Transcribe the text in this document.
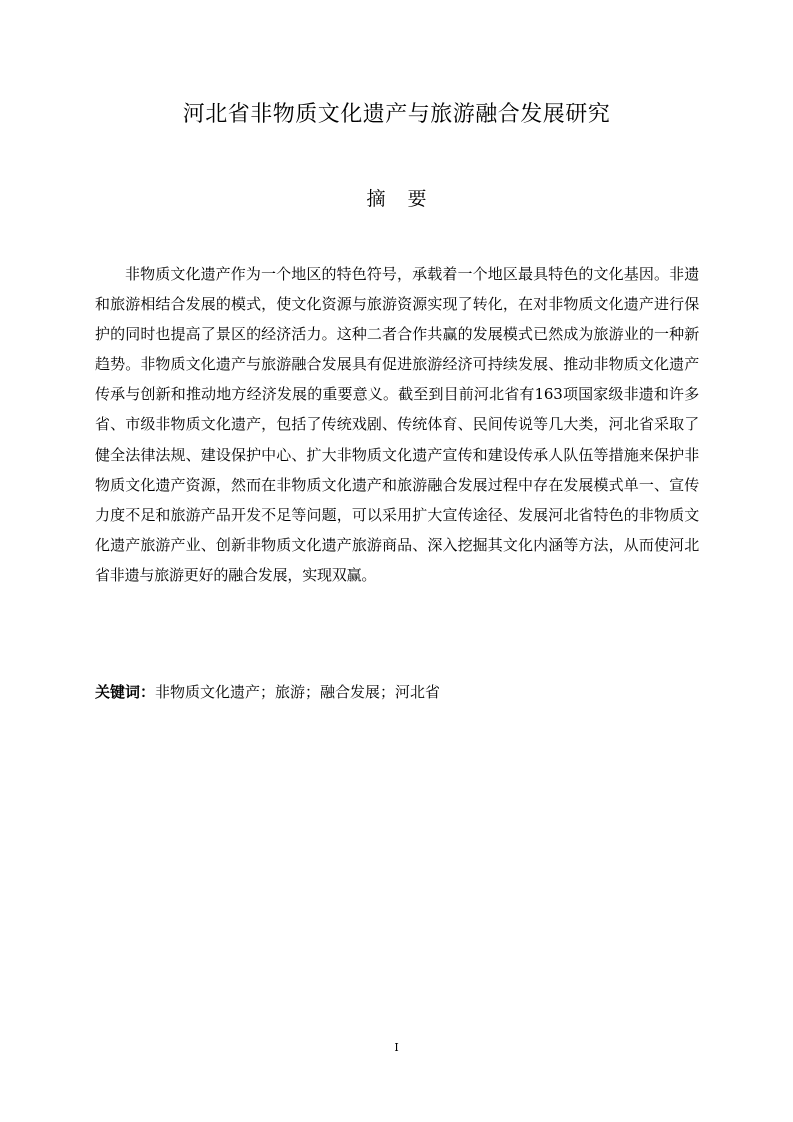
河北省非物质文化遗产与旅游融合发展研究
摘 要

非物质文化遗产作为一个地区的特色符号，承载着一个地区最具特色的文化基因。非遗和旅游相结合发展的模式，使文化资源与旅游资源实现了转化，在对非物质文化遗产进行保护的同时也提高了景区的经济活力。这种二者合作共赢的发展模式已然成为旅游业的一种新趋势。非物质文化遗产与旅游融合发展具有促进旅游经济可持续发展、推动非物质文化遗产传承与创新和推动地方经济发展的重要意义。截至到目前河北省有163项国家级非遗和许多省、市级非物质文化遗产，包括了传统戏剧、传统体育、民间传说等几大类，河北省采取了健全法律法规、建设保护中心、扩大非物质文化遗产宣传和建设传承人队伍等措施来保护非物质文化遗产资源，然而在非物质文化遗产和旅游融合发展过程中存在发展模式单一、宣传力度不足和旅游产品开发不足等问题，可以采用扩大宣传途径、发展河北省特色的非物质文化遗产旅游产业、创新非物质文化遗产旅游商品、深入挖掘其文化内涵等方法，从而使河北省非遗与旅游更好的融合发展，实现双赢。

关键词：非物质文化遗产；旅游；融合发展；河北省

I
